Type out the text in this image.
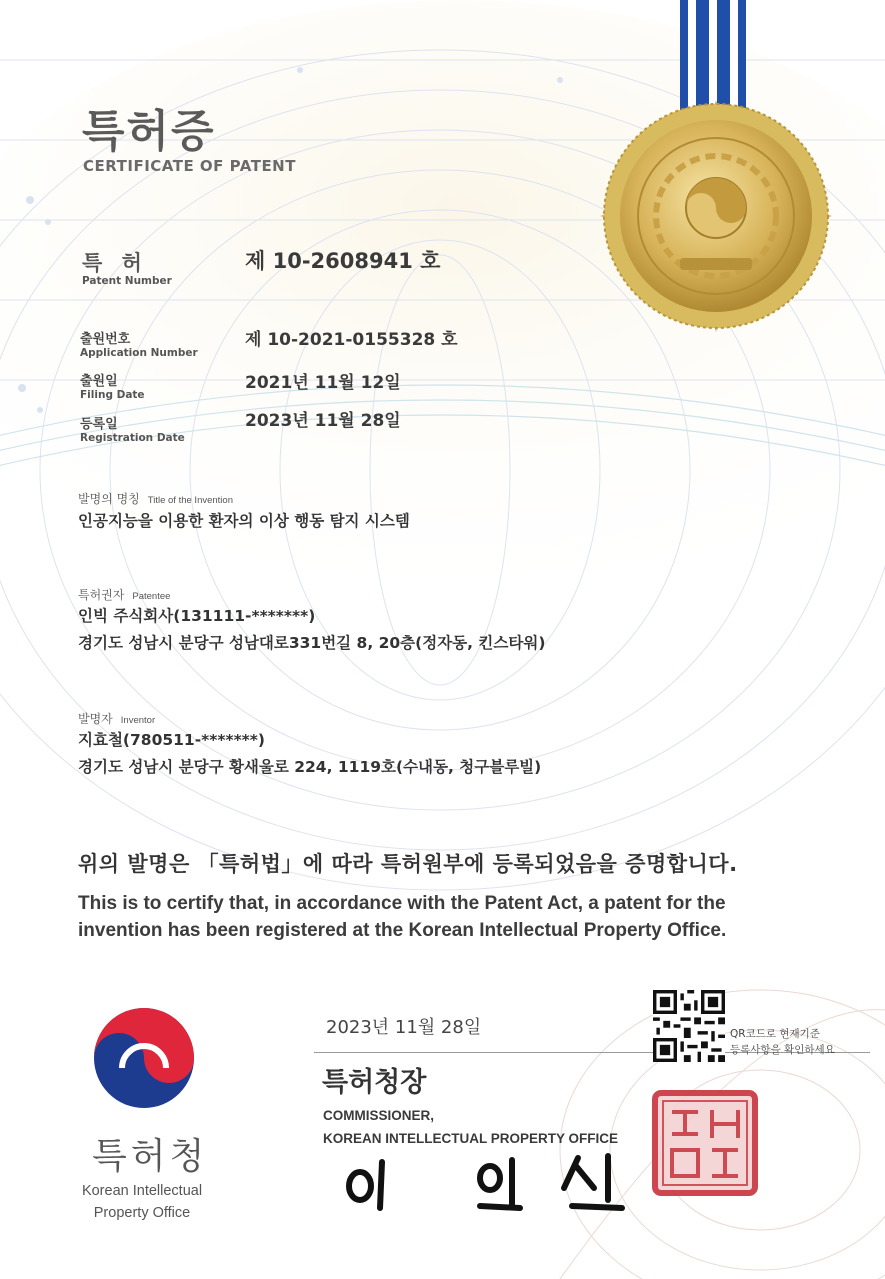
특허증
CERTIFICATE OF PATENT
특 허
Patent Number
제 10-2608941 호
출원번호
Application Number
제 10-2021-0155328 호
출원일
Filing Date
2021년 11월 12일
등록일
Registration Date
2023년 11월 28일
발명의 명칭 Title of the Invention
인공지능을 이용한 환자의 이상 행동 탐지 시스템
특허권자 Patentee
인빅 주식회사(131111-*******)
경기도 성남시 분당구 성남대로331번길 8, 20층(정자동, 킨스타워)
발명자 Inventor
지효철(780511-*******)
경기도 성남시 분당구 황새울로 224, 1119호(수내동, 청구블루빌)
위의 발명은 「특허법」에 따라 특허원부에 등록되었음을 증명합니다.
This is to certify that, in accordance with the Patent Act, a patent for the
invention has been registered at the Korean Intellectual Property Office.
특허청
Korean Intellectual
Property Office
2023년 11월 28일
특허청장
COMMISSIONER,
KOREAN INTELLECTUAL PROPERTY OFFICE
QR코드로 현재기준
등록사항을 확인하세요
